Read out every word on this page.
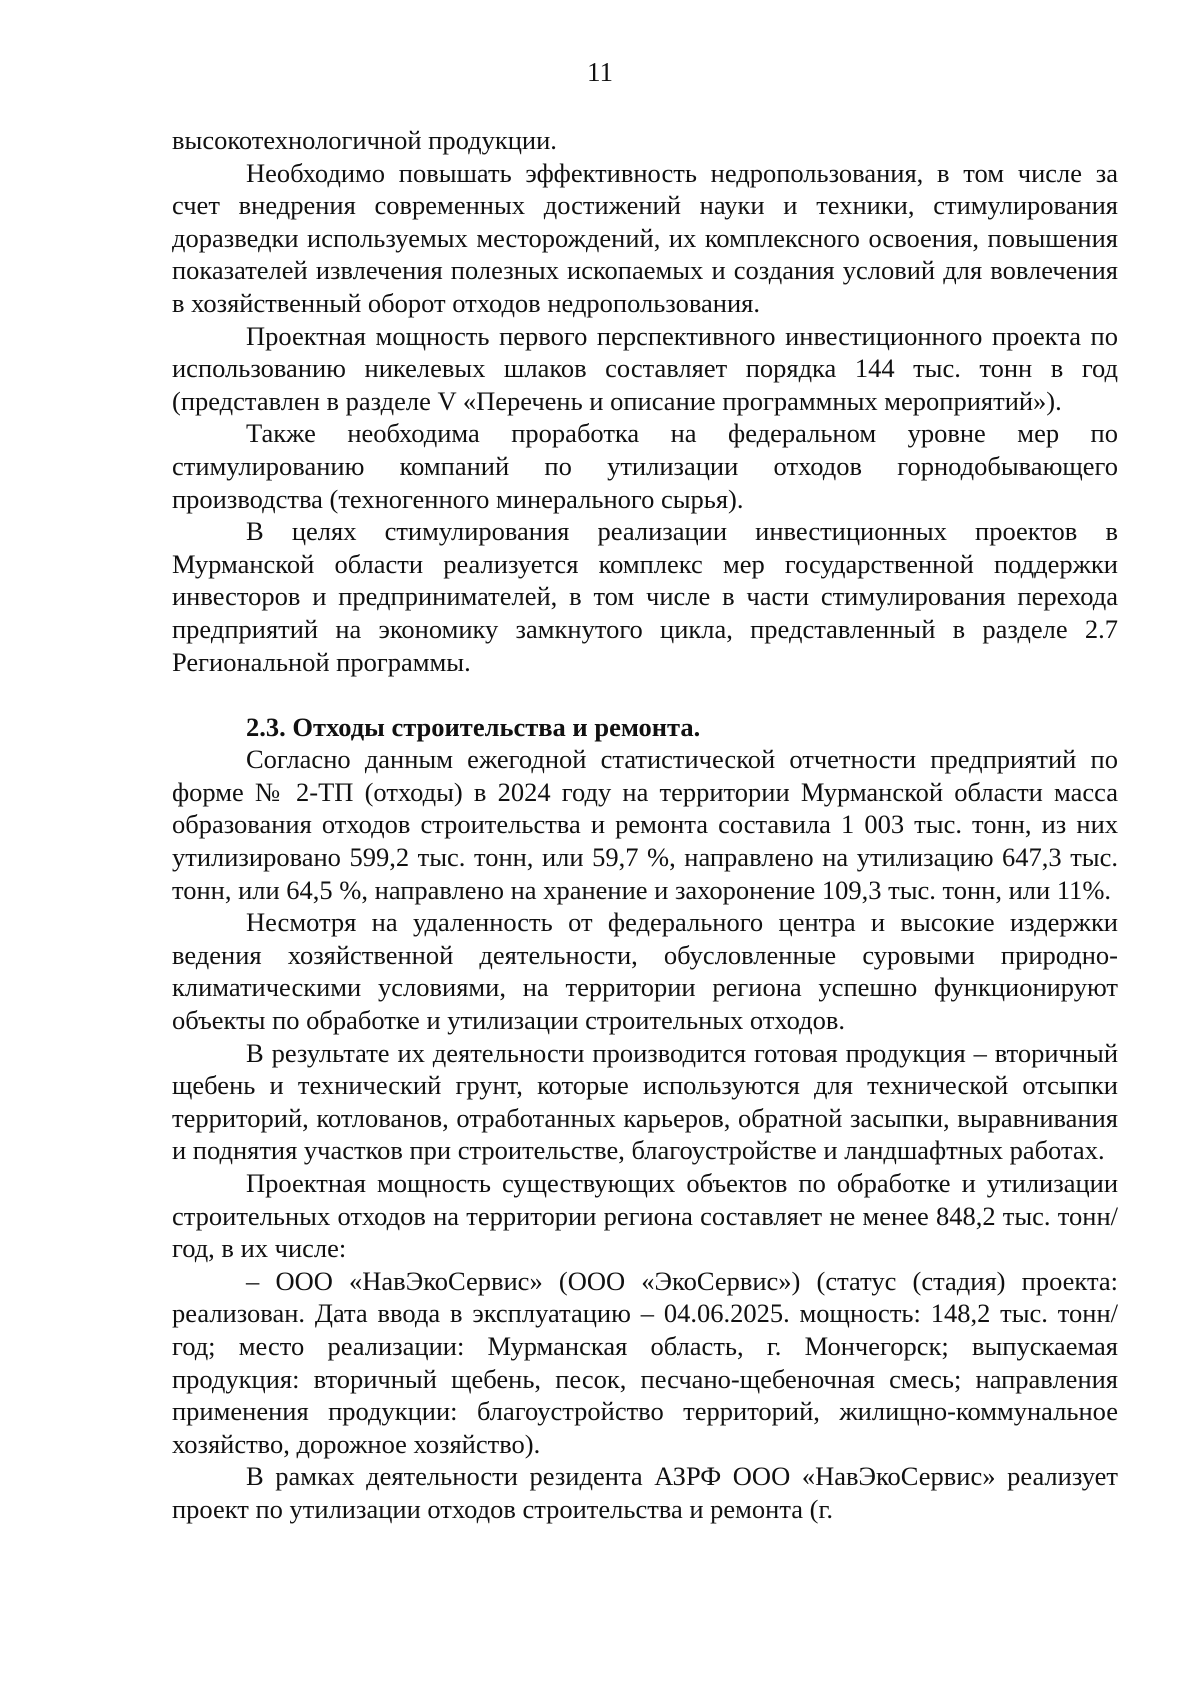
11

высокотехнологичной продукции.

Необходимо повышать эффективность недропользования, в том числе за счет внедрения современных достижений науки и техники, стимулирования доразведки используемых месторождений, их комплексного освоения, повышения показателей извлечения полезных ископаемых и создания условий для вовлечения в хозяйственный оборот отходов недропользования.

Проектная мощность первого перспективного инвестиционного проекта по использованию никелевых шлаков составляет порядка 144 тыс. тонн в год (представлен в разделе V «Перечень и описание программных мероприятий»).

Также необходима проработка на федеральном уровне мер по стимулированию компаний по утилизации отходов горнодобывающего производства (техногенного минерального сырья).

В целях стимулирования реализации инвестиционных проектов в Мурманской области реализуется комплекс мер государственной поддержки инвесторов и предпринимателей, в том числе в части стимулирования перехода предприятий на экономику замкнутого цикла, представленный в разделе 2.7 Региональной программы.

2.3. Отходы строительства и ремонта.

Согласно данным ежегодной статистической отчетности предприятий по форме № 2-ТП (отходы) в 2024 году на территории Мурманской области масса образования отходов строительства и ремонта составила 1 003 тыс. тонн, из них утилизировано 599,2 тыс. тонн, или 59,7 %, направлено на утилизацию 647,3 тыс. тонн, или 64,5 %, направлено на хранение и захоронение 109,3 тыс. тонн, или 11%.

Несмотря на удаленность от федерального центра и высокие издержки ведения хозяйственной деятельности, обусловленные суровыми природно-климатическими условиями, на территории региона успешно функционируют объекты по обработке и утилизации строительных отходов.

В результате их деятельности производится готовая продукция – вторичный щебень и технический грунт, которые используются для технической отсыпки территорий, котлованов, отработанных карьеров, обратной засыпки, выравнивания и поднятия участков при строительстве, благоустройстве и ландшафтных работах.

Проектная мощность существующих объектов по обработке и утилизации строительных отходов на территории региона составляет не менее 848,2 тыс. тонн/год, в их числе:

– ООО «НавЭкоСервис» (ООО «ЭкоСервис») (статус (стадия) проекта: реализован. Дата ввода в эксплуатацию – 04.06.2025. мощность: 148,2 тыс. тонн/ год; место реализации: Мурманская область, г. Мончегорск; выпускаемая продукция: вторичный щебень, песок, песчано-щебеночная смесь; направления применения продукции: благоустройство территорий, жилищно-коммунальное хозяйство, дорожное хозяйство).

В рамках деятельности резидента АЗРФ ООО «НавЭкоСервис» реализует проект по утилизации отходов строительства и ремонта (г.
